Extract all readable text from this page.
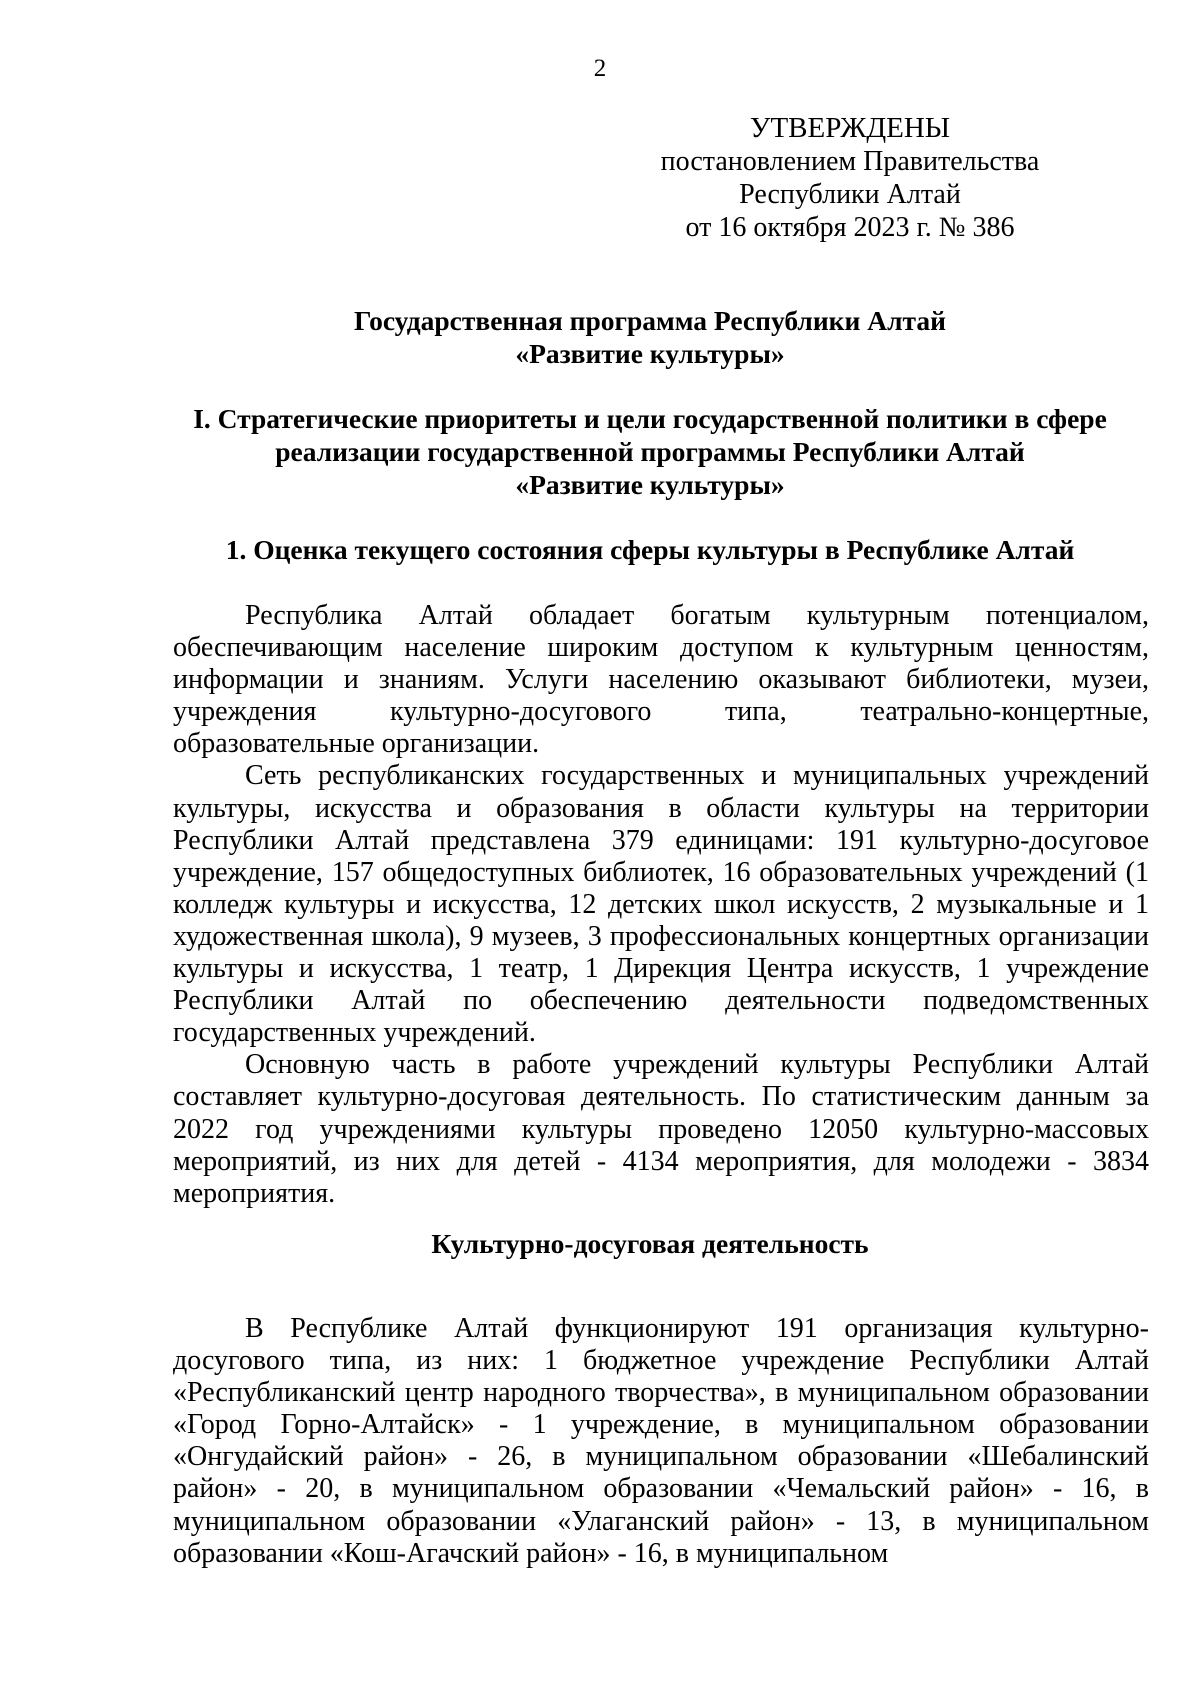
2
УТВЕРЖДЕНЫ
постановлением Правительства
Республики Алтай
от 16 октября 2023 г. № 386
Государственная программа Республики Алтай
«Развитие культуры»
I. Стратегические приоритеты и цели государственной политики в сфере
реализации государственной программы Республики Алтай
«Развитие культуры»
1. Оценка текущего состояния сферы культуры в Республике Алтай

Республика Алтай обладает богатым культурным потенциалом, обеспечивающим население широким доступом к культурным ценностям, информации и знаниям. Услуги населению оказывают библиотеки, музеи, учреждения культурно-досугового типа, театрально-концертные, образовательные организации.

Сеть республиканских государственных и муниципальных учреждений культуры, искусства и образования в области культуры на территории Республики Алтай представлена 379 единицами: 191 культурно-досуговое учреждение, 157 общедоступных библиотек, 16 образовательных учреждений (1 колледж культуры и искусства, 12 детских школ искусств, 2 музыкальные и 1 художественная школа), 9 музеев, 3 профессиональных концертных организации культуры и искусства, 1 театр, 1 Дирекция Центра искусств, 1 учреждение Республики Алтай по обеспечению деятельности подведомственных государственных учреждений.

Основную часть в работе учреждений культуры Республики Алтай составляет культурно-досуговая деятельность. По статистическим данным за 2022 год учреждениями культуры проведено 12050 культурно-массовых мероприятий, из них для детей - 4134 мероприятия, для молодежи - 3834 мероприятия.

Культурно-досуговая деятельность

В Республике Алтай функционируют 191 организация культурно-досугового типа, из них: 1 бюджетное учреждение Республики Алтай «Республиканский центр народного творчества», в муниципальном образовании «Город Горно-Алтайск» - 1 учреждение, в муниципальном образовании «Онгудайский район» - 26, в муниципальном образовании «Шебалинский район» - 20, в муниципальном образовании «Чемальский район» - 16, в муниципальном образовании «Улаганский район» - 13, в муниципальном образовании «Кош-Агачский район» - 16, в муниципальном
